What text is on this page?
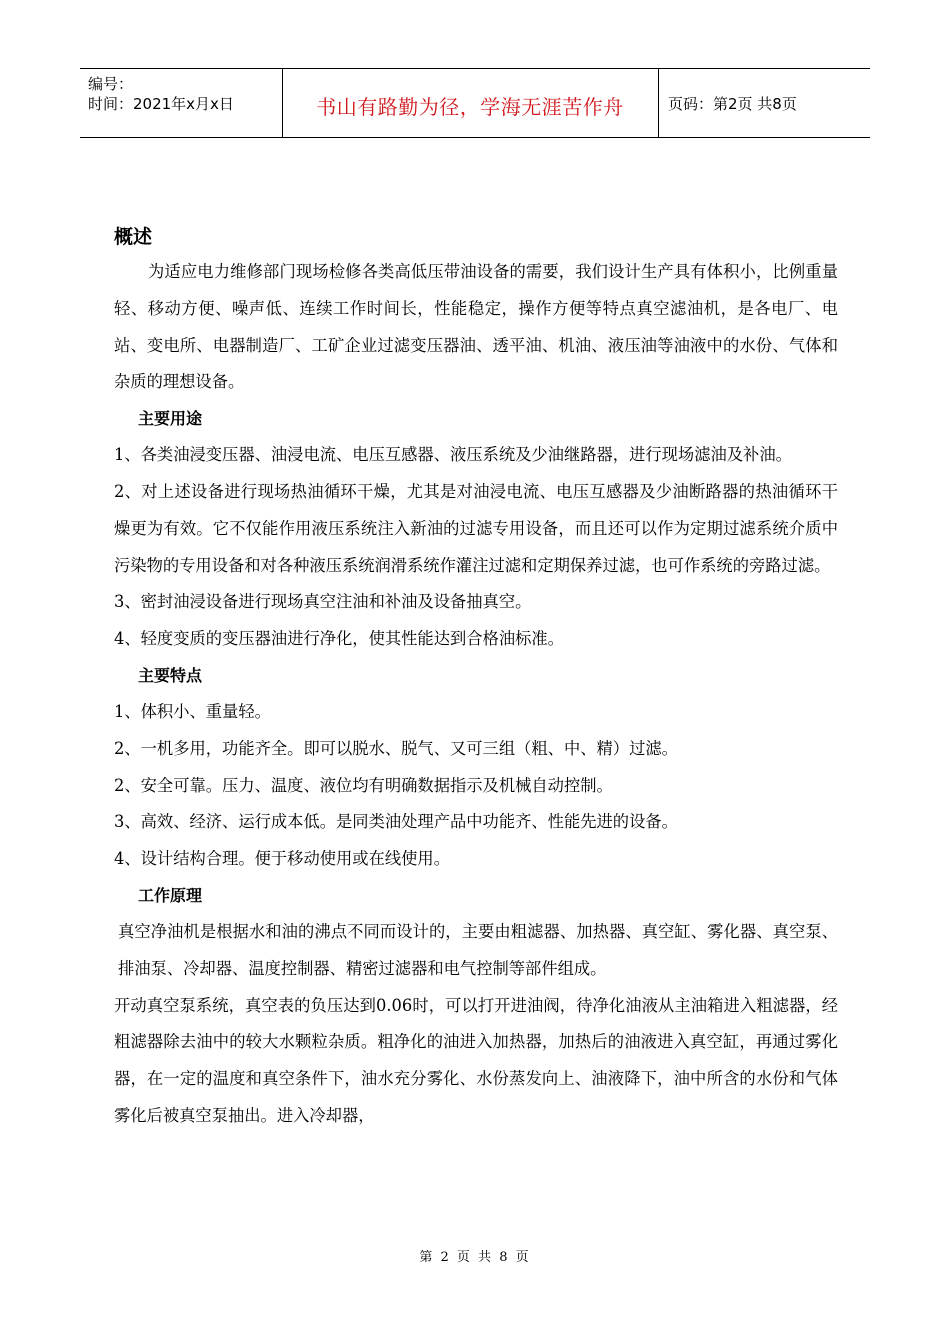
编号：
时间：2021年x月x日	书山有路勤为径，学海无涯苦作舟	页码：第2页 共8页
概述

为适应电力维修部门现场检修各类高低压带油设备的需要，我们设计生产具有体积小，比例重量轻、移动方便、噪声低、连续工作时间长，性能稳定，操作方便等特点真空滤油机，是各电厂、电站、变电所、电器制造厂、工矿企业过滤变压器油、透平油、机油、液压油等油液中的水份、气体和杂质的理想设备。

主要用途

1、各类油浸变压器、油浸电流、电压互感器、液压系统及少油继路器，进行现场滤油及补油。

2、对上述设备进行现场热油循环干燥，尤其是对油浸电流、电压互感器及少油断路器的热油循环干燥更为有效。它不仅能作用液压系统注入新油的过滤专用设备，而且还可以作为定期过滤系统介质中污染物的专用设备和对各种液压系统润滑系统作灌注过滤和定期保养过滤，也可作系统的旁路过滤。

3、密封油浸设备进行现场真空注油和补油及设备抽真空。

4、轻度变质的变压器油进行净化，使其性能达到合格油标准。

主要特点

1、体积小、重量轻。

2、一机多用，功能齐全。即可以脱水、脱气、又可三组（粗、中、精）过滤。

2、安全可靠。压力、温度、液位均有明确数据指示及机械自动控制。

3、高效、经济、运行成本低。是同类油处理产品中功能齐、性能先进的设备。

4、设计结构合理。便于移动使用或在线使用。

工作原理

真空净油机是根据水和油的沸点不同而设计的，主要由粗滤器、加热器、真空缸、雾化器、真空泵、排油泵、冷却器、温度控制器、精密过滤器和电气控制等部件组成。

开动真空泵系统，真空表的负压达到0.06时，可以打开进油阀，待净化油液从主油箱进入粗滤器，经粗滤器除去油中的较大水颗粒杂质。粗净化的油进入加热器，加热后的油液进入真空缸，再通过雾化器，在一定的温度和真空条件下，油水充分雾化、水份蒸发向上、油液降下，油中所含的水份和气体雾化后被真空泵抽出。进入冷却器，

第 2 页 共 8 页
